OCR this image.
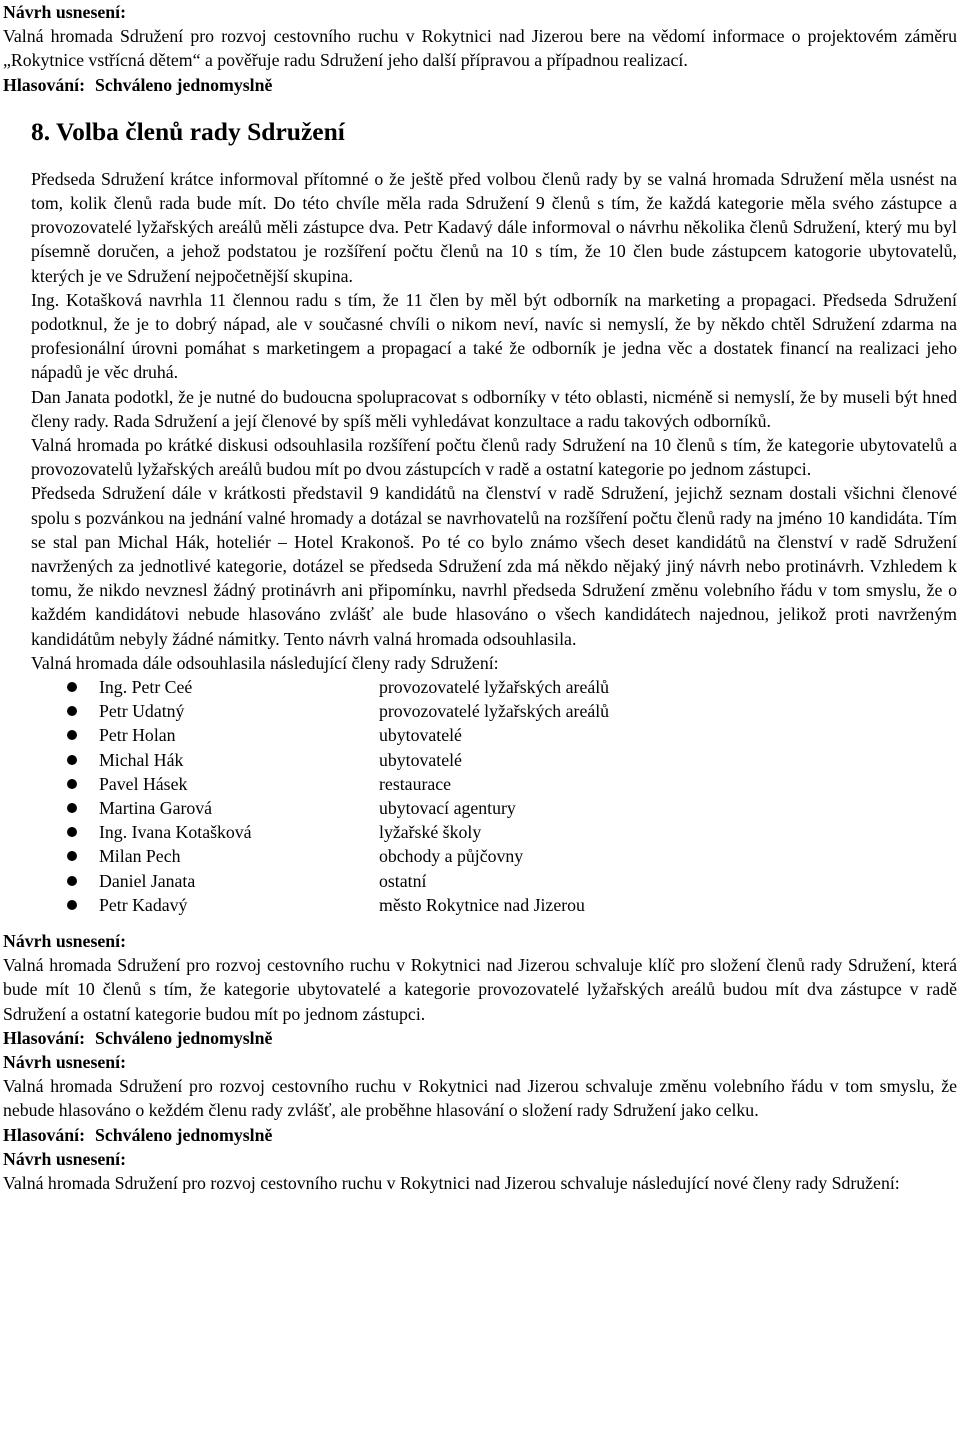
Návrh usnesení:

Valná hromada Sdružení pro rozvoj cestovního ruchu v Rokytnici nad Jizerou bere na vědomí informace o projektovém záměru „Rokytnice vstřícná dětem“ a pověřuje radu Sdružení jeho další přípravou a případnou realizací.

Hlasování: Schváleno jednomyslně

8. Volba členů rady Sdružení

Předseda Sdružení krátce informoval přítomné o že ještě před volbou členů rady by se valná hromada Sdružení měla usnést na tom, kolik členů rada bude mít. Do této chvíle měla rada Sdružení 9 členů s tím, že každá kategorie měla svého zástupce a provozovatelé lyžařských areálů měli zástupce dva. Petr Kadavý dále informoval o návrhu několika členů Sdružení, který mu byl písemně doručen, a jehož podstatou je rozšíření počtu členů na 10 s tím, že 10 člen bude zástupcem katogorie ubytovatelů, kterých je ve Sdružení nejpočetnější skupina.

Ing. Kotašková navrhla 11 člennou radu s tím, že 11 člen by měl být odborník na marketing a propagaci. Předseda Sdružení podotknul, že je to dobrý nápad, ale v současné chvíli o nikom neví, navíc si nemyslí, že by někdo chtěl Sdružení zdarma na profesionální úrovni pomáhat s marketingem a propagací a také že odborník je jedna věc a dostatek financí na realizaci jeho nápadů je věc druhá.

Dan Janata podotkl, že je nutné do budoucna spolupracovat s odborníky v této oblasti, nicméně si nemyslí, že by museli být hned členy rady. Rada Sdružení a její členové by spíš měli vyhledávat konzultace a radu takových odborníků.

Valná hromada po krátké diskusi odsouhlasila rozšíření počtu členů rady Sdružení na 10 členů s tím, že kategorie ubytovatelů a provozovatelů lyžařských areálů budou mít po dvou zástupcích v radě a ostatní kategorie po jednom zástupci.

Předseda Sdružení dále v krátkosti představil 9 kandidátů na členství v radě Sdružení, jejichž seznam dostali všichni členové spolu s pozvánkou na jednání valné hromady a dotázal se navrhovatelů na rozšíření počtu členů rady na jméno 10 kandidáta. Tím se stal pan Michal Hák, hoteliér – Hotel Krakonoš. Po té co bylo známo všech deset kandidátů na členství v radě Sdružení navržených za jednotlivé kategorie, dotázel se předseda Sdružení zda má někdo nějaký jiný návrh nebo protinávrh. Vzhledem k tomu, že nikdo nevznesl žádný protinávrh ani připomínku, navrhl předseda Sdružení změnu volebního řádu v tom smyslu, že o každém kandidátovi nebude hlasováno zvlášť ale bude hlasováno o všech kandidátech najednou, jelikož proti navrženým kandidátům nebyly žádné námitky. Tento návrh valná hromada odsouhlasila.

Valná hromada dále odsouhlasila následující členy rady Sdružení:

Ing. Petr Ceé	provozovatelé lyžařských areálů
Petr Udatný	provozovatelé lyžařských areálů
Petr Holan	ubytovatelé
Michal Hák	ubytovatelé
Pavel Hásek	restaurace
Martina Garová	ubytovací agentury
Ing. Ivana Kotašková	lyžařské školy
Milan Pech	obchody a půjčovny
Daniel Janata	ostatní
Petr Kadavý	město Rokytnice nad Jizerou

Návrh usnesení:

Valná hromada Sdružení pro rozvoj cestovního ruchu v Rokytnici nad Jizerou schvaluje klíč pro složení členů rady Sdružení, která bude mít 10 členů s tím, že kategorie ubytovatelé a kategorie provozovatelé lyžařských areálů budou mít dva zástupce v radě Sdružení a ostatní kategorie budou mít po jednom zástupci.

Hlasování: Schváleno jednomyslně

Návrh usnesení:

Valná hromada Sdružení pro rozvoj cestovního ruchu v Rokytnici nad Jizerou schvaluje změnu volebního řádu v tom smyslu, že nebude hlasováno o keždém členu rady zvlášť, ale proběhne hlasování o složení rady Sdružení jako celku.

Hlasování: Schváleno jednomyslně

Návrh usnesení:

Valná hromada Sdružení pro rozvoj cestovního ruchu v Rokytnici nad Jizerou schvaluje následující nové členy rady Sdružení:
